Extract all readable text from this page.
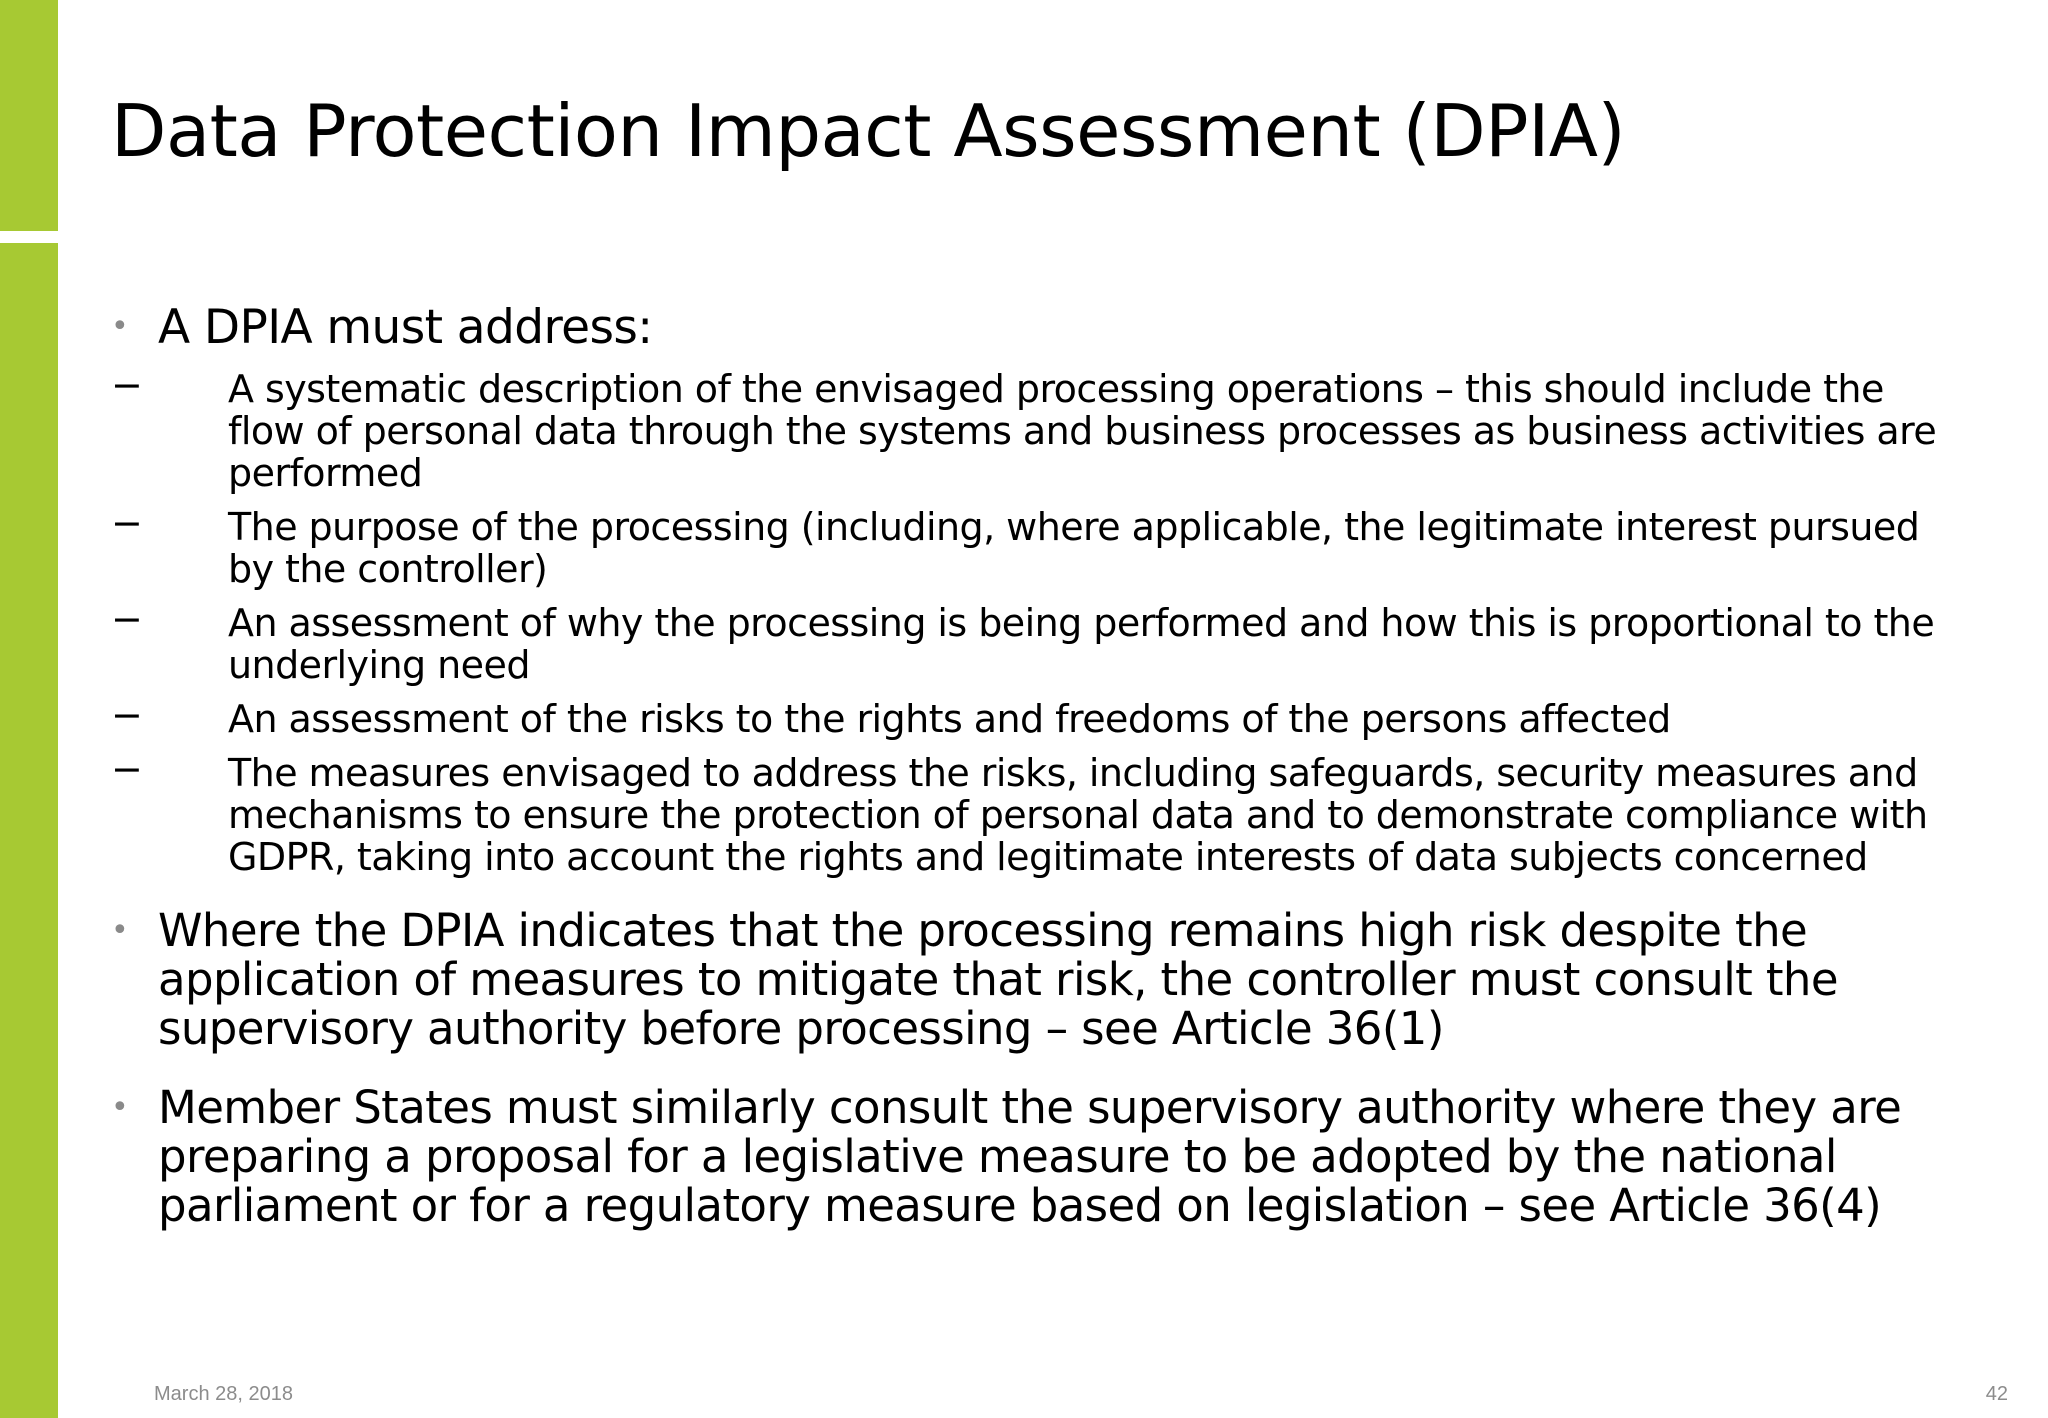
Data Protection Impact Assessment (DPIA)
• A DPIA must address:
− A systematic description of the envisaged processing operations – this should include the flow of personal data through the systems and business processes as business activities are performed
− The purpose of the processing (including, where applicable, the legitimate interest pursued by the controller)
− An assessment of why the processing is being performed and how this is proportional to the underlying need
− An assessment of the risks to the rights and freedoms of the persons affected
− The measures envisaged to address the risks, including safeguards, security measures and mechanisms to ensure the protection of personal data and to demonstrate compliance with GDPR, taking into account the rights and legitimate interests of data subjects concerned
• Where the DPIA indicates that the processing remains high risk despite the application of measures to mitigate that risk, the controller must consult the supervisory authority before processing – see Article 36(1)
• Member States must similarly consult the supervisory authority where they are preparing a proposal for a legislative measure to be adopted by the national parliament or for a regulatory measure based on legislation – see Article 36(4)
March 28, 2018	42
